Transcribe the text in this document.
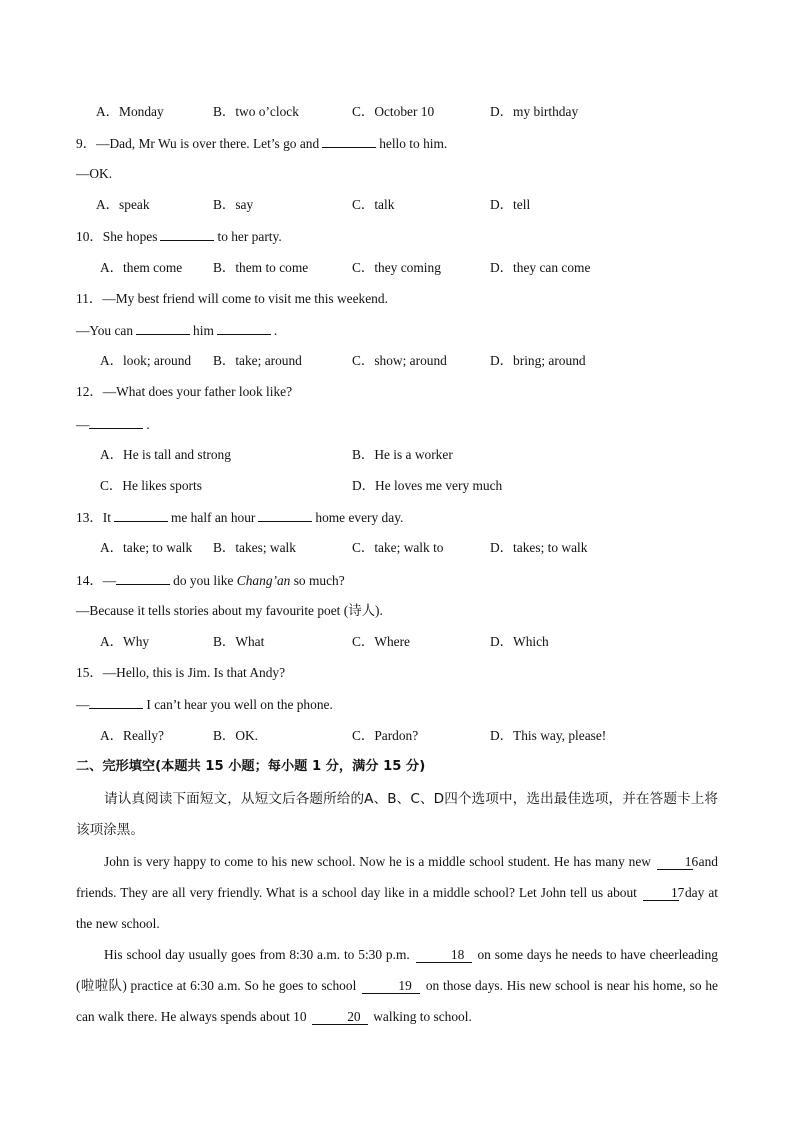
A．Monday	B．two o’clock	C．October 10	D．my birthday
9．—Dad, Mr Wu is over there. Let’s go and	hello to him.
—OK.
A．speak	B．say	C．talk	D．tell
10．She hopes	to her party.
A．them come B．them to come	C．they coming	D．they can come
11．—My best friend will come to visit me this weekend.
—You can	him	.
A．look; around B．take; around	C．show; around	D．bring; around
12．—What does your father look like?
—	.
A．He is tall and strong	B．He is a worker
C．He likes sports	D．He loves me very much
13．It	me half an hour	home every day.
A．take; to walk B．takes; walk	C．take; walk to	D．takes; to walk
14．—	do you like Chang’an so much?
—Because it tells stories about my favourite poet (诗人).
A．Why	B．What	C．Where	D．Which
15．—Hello, this is Jim. Is that Andy?
—	I can’t hear you well on the phone.
A．Really?	B．OK.	C．Pardon?	D．This way, please!
二、完形填空(本题共 15 小题；每小题 1 分，满分 15 分)
请认真阅读下面短文，从短文后各题所给的A、B、C、D四个选项中，选出最佳选项，并在答题卡上将该项涂黑。
John is very happy to come to his new school. Now he is a middle school student. He has many new	16 and friends. They are all very friendly. What is a school day like in a middle school? Let John tell us about	17 day at the new school.
His school day usually goes from 8:30 a.m. to 5:30 p.m.	18 on some days he needs to have cheerleading (啦啦队) practice at 6:30 a.m. So he goes to school	19 on those days. His new school is near his home, so he can walk there. He always spends about 10	20 walking to school.
